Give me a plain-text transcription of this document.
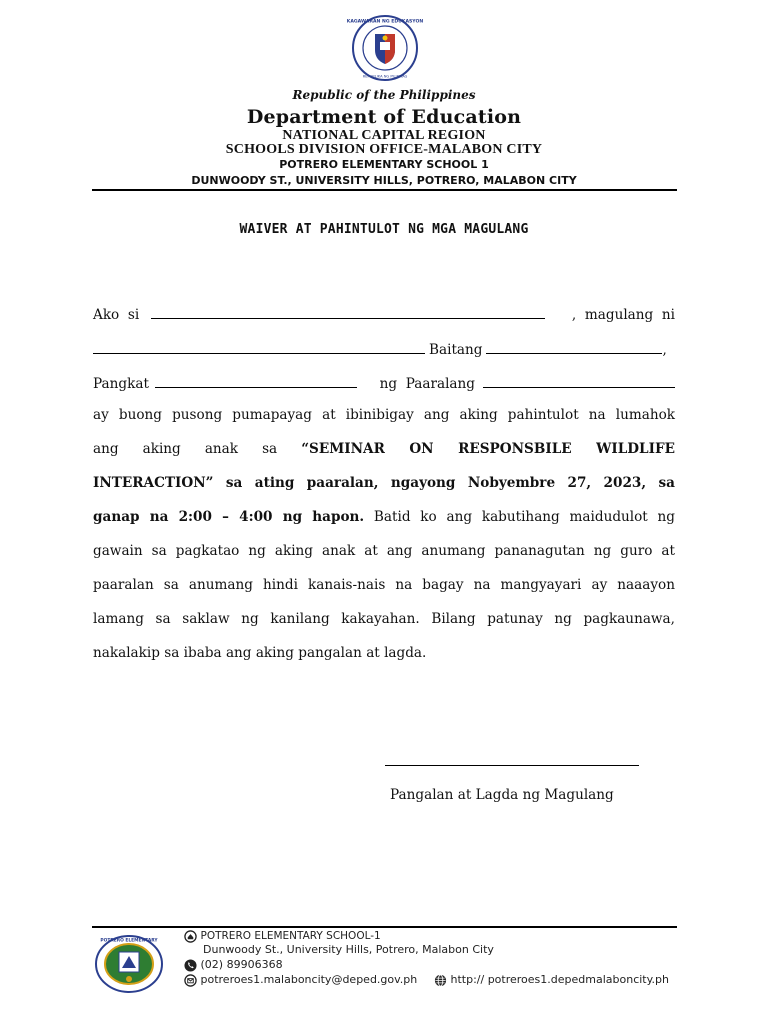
KAGAWARAN NG EDUKASYON
REPUBLIKA NG PILIPINAS
Republic of the Philippines
Department of Education
NATIONAL CAPITAL REGION
SCHOOLS DIVISION OFFICE-MALABON CITY
POTRERO ELEMENTARY SCHOOL 1
DUNWOODY ST., UNIVERSITY HILLS, POTRERO, MALABON CITY
WAIVER AT PAHINTULOT NG MGA MAGULANG
Ako  si	,  magulang  ni
Baitang	,
Pangkat	ng  Paaralang
ay buong pusong pumapayag at ibinibigay ang aking pahintulot na lumahok
ang aking anak sa “SEMINAR ON RESPONSBILE WILDLIFE
INTERACTION” sa ating paaralan, ngayong Nobyembre 27, 2023, sa
ganap na 2:00 – 4:00 ng hapon. Batid ko ang kabutihang maidudulot ng
gawain sa pagkatao ng aking anak at ang anumang pananagutan ng guro at
paaralan sa anumang hindi kanais-nais na bagay na mangyayari ay naaayon
lamang sa saklaw ng kanilang kakayahan. Bilang patunay ng pagkaunawa,
nakalakip sa ibaba ang aking pangalan at lagda.
Pangalan at Lagda ng Magulang
POTRERO ELEMENTARY	POTRERO ELEMENTARY SCHOOL-1
Dunwoody St., University Hills, Potrero, Malabon City
(02) 89906368
potreroes1.malaboncity@deped.gov.ph	http:// potreroes1.depedmalaboncity.ph
